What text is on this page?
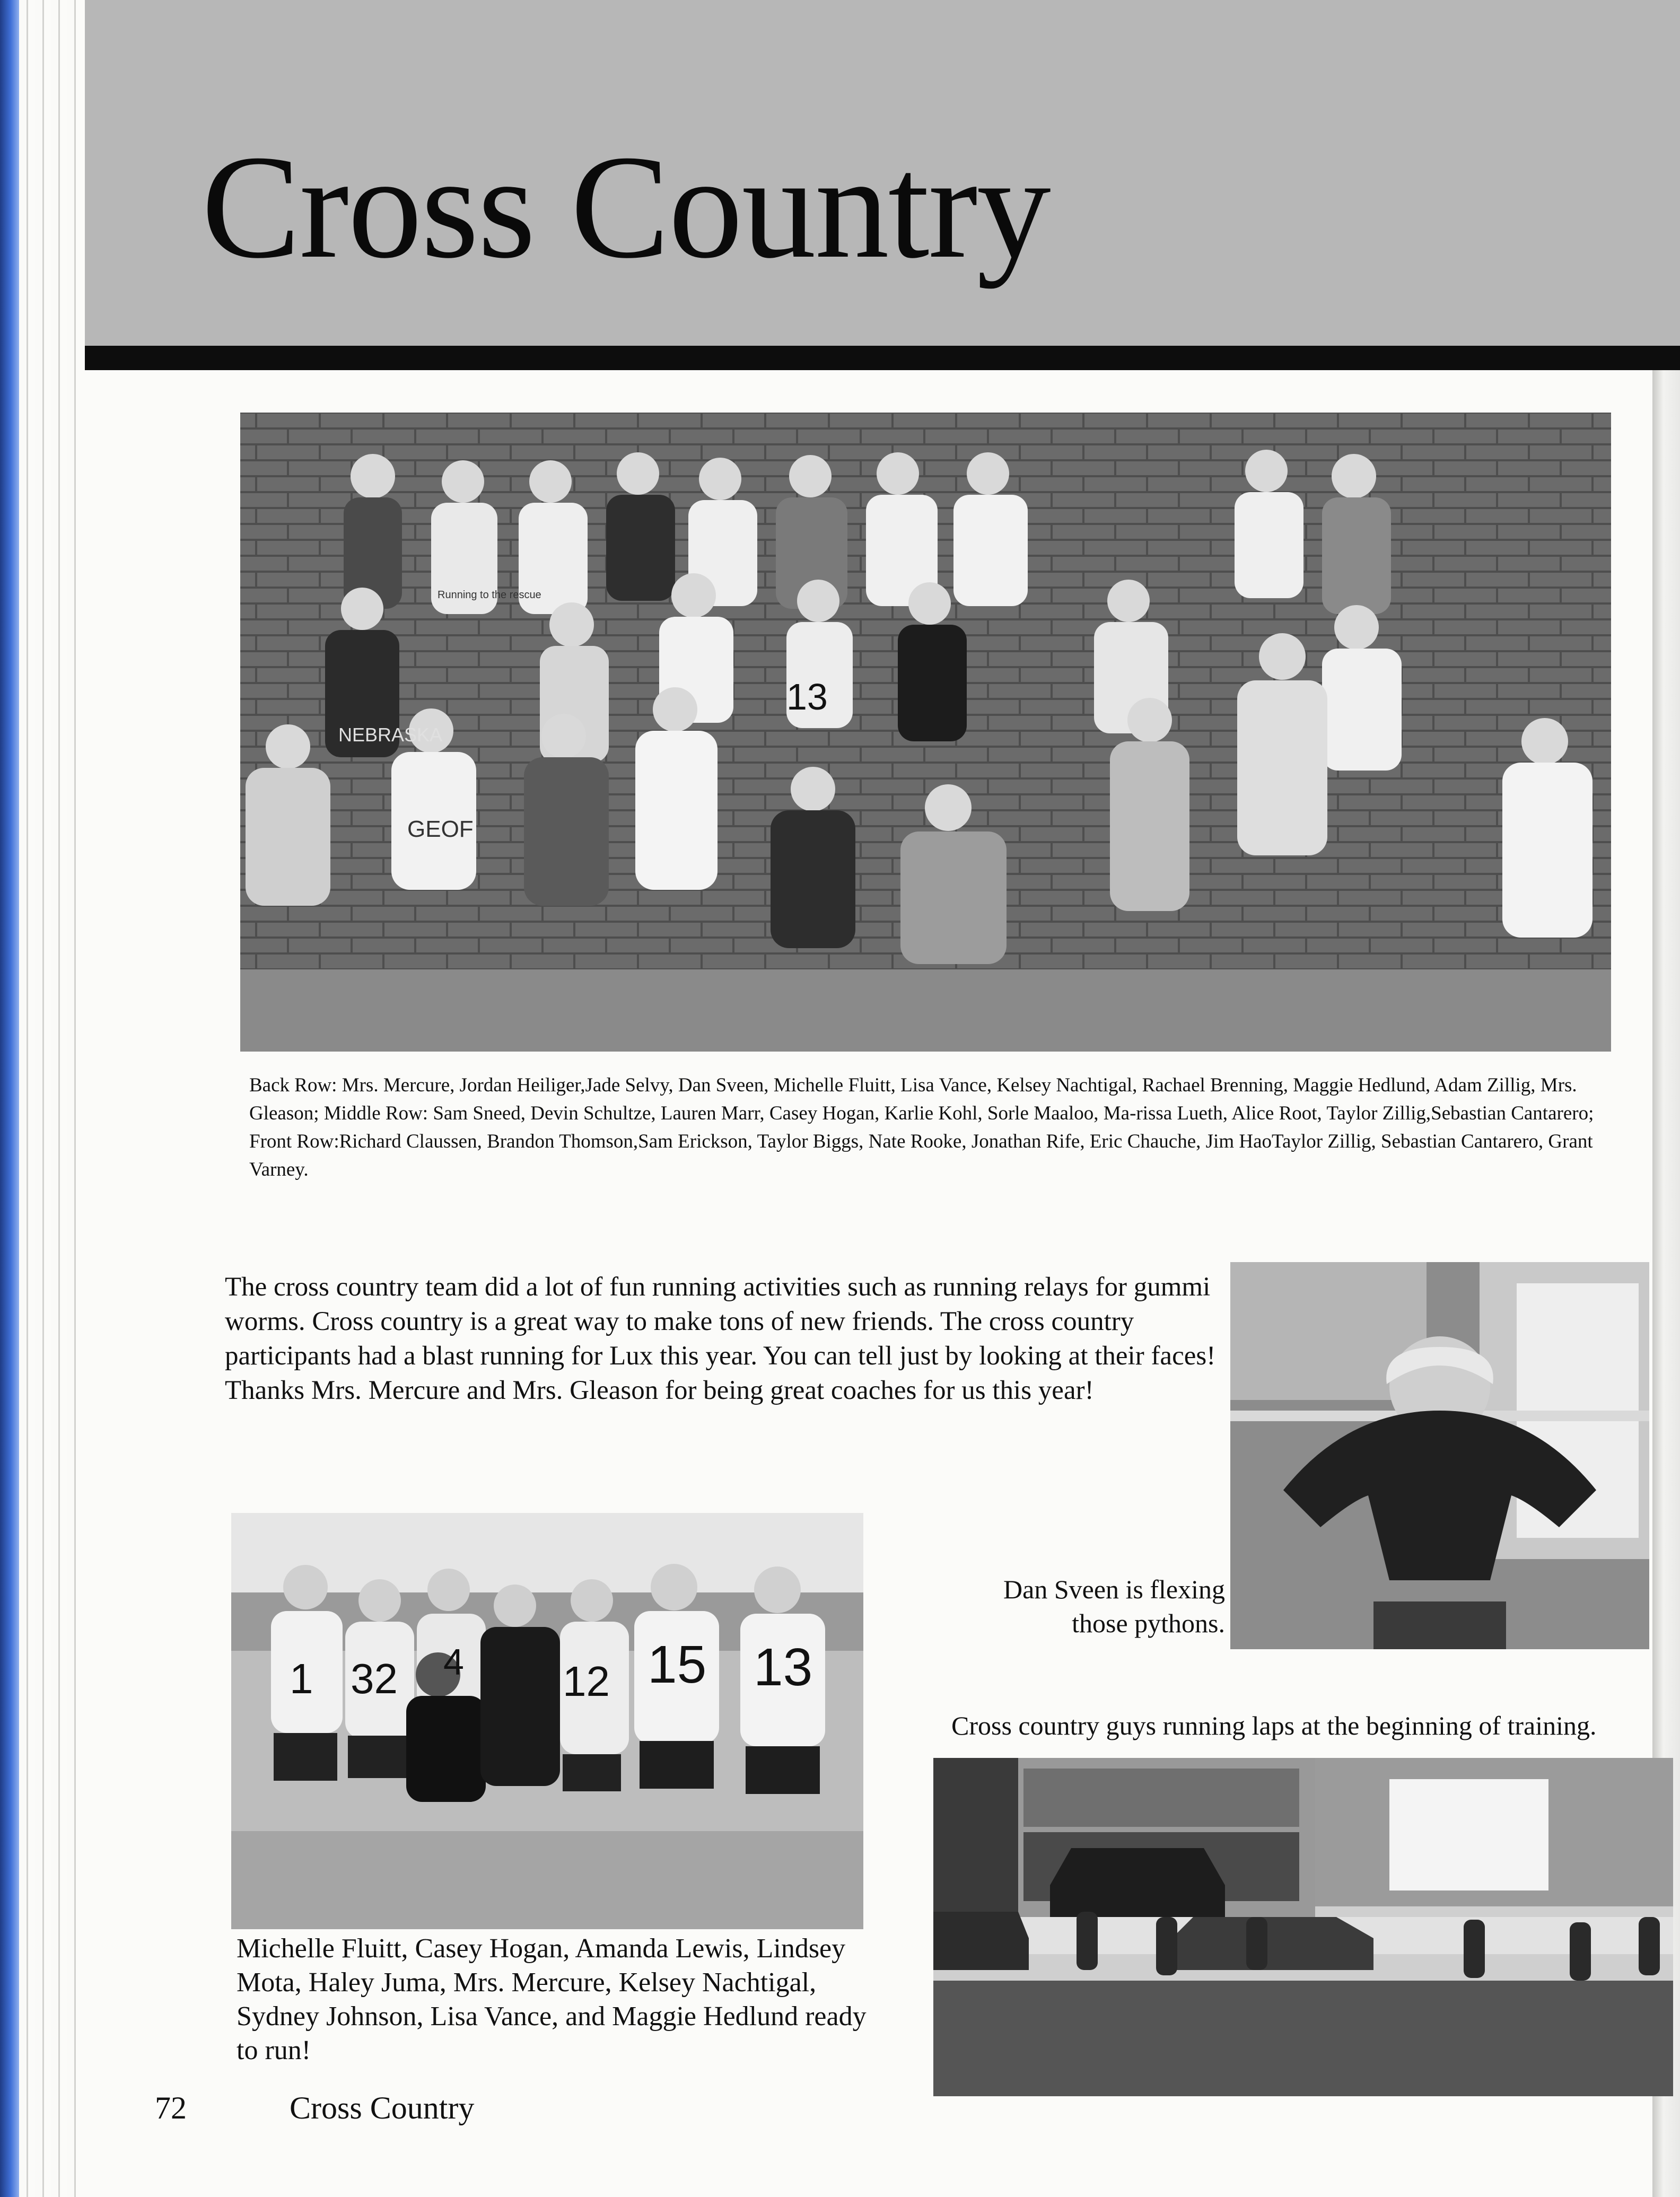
Cross Country
NEBRASKA
Running to the rescue
13
GEOF
Back Row: Mrs. Mercure, Jordan Heiliger,Jade Selvy, Dan Sveen, Michelle Fluitt, Lisa Vance, Kelsey Nachtigal, Rachael Brenning, Maggie Hedlund, Adam Zillig, Mrs. Gleason; Middle Row: Sam Sneed, Devin Schultze, Lauren Marr, Casey Hogan, Karlie Kohl, Sorle Maaloo, Ma-rissa Lueth, Alice Root, Taylor Zillig,Sebastian Cantarero; Front Row:Richard Claussen, Brandon Thomson,Sam Erickson, Taylor Biggs, Nate Rooke, Jonathan Rife, Eric Chauche, Jim HaoTaylor Zillig, Sebastian Cantarero, Grant Varney.
The cross country team did a lot of fun running activities such as running relays for gummi worms. Cross country is a great way to make tons of new friends. The cross country participants had a blast running for Lux this year. You can tell just by looking at their faces! Thanks Mrs. Mercure and Mrs. Gleason for being great coaches for us this year!
Dan Sveen is flexing those pythons.
1 32 4 12 15 13
Michelle Fluitt, Casey Hogan, Amanda Lewis, Lindsey Mota, Haley Juma, Mrs. Mercure, Kelsey Nachtigal, Sydney Johnson, Lisa Vance, and Maggie Hedlund ready to run!
Cross country guys running laps at the beginning of training.
72	Cross Country
